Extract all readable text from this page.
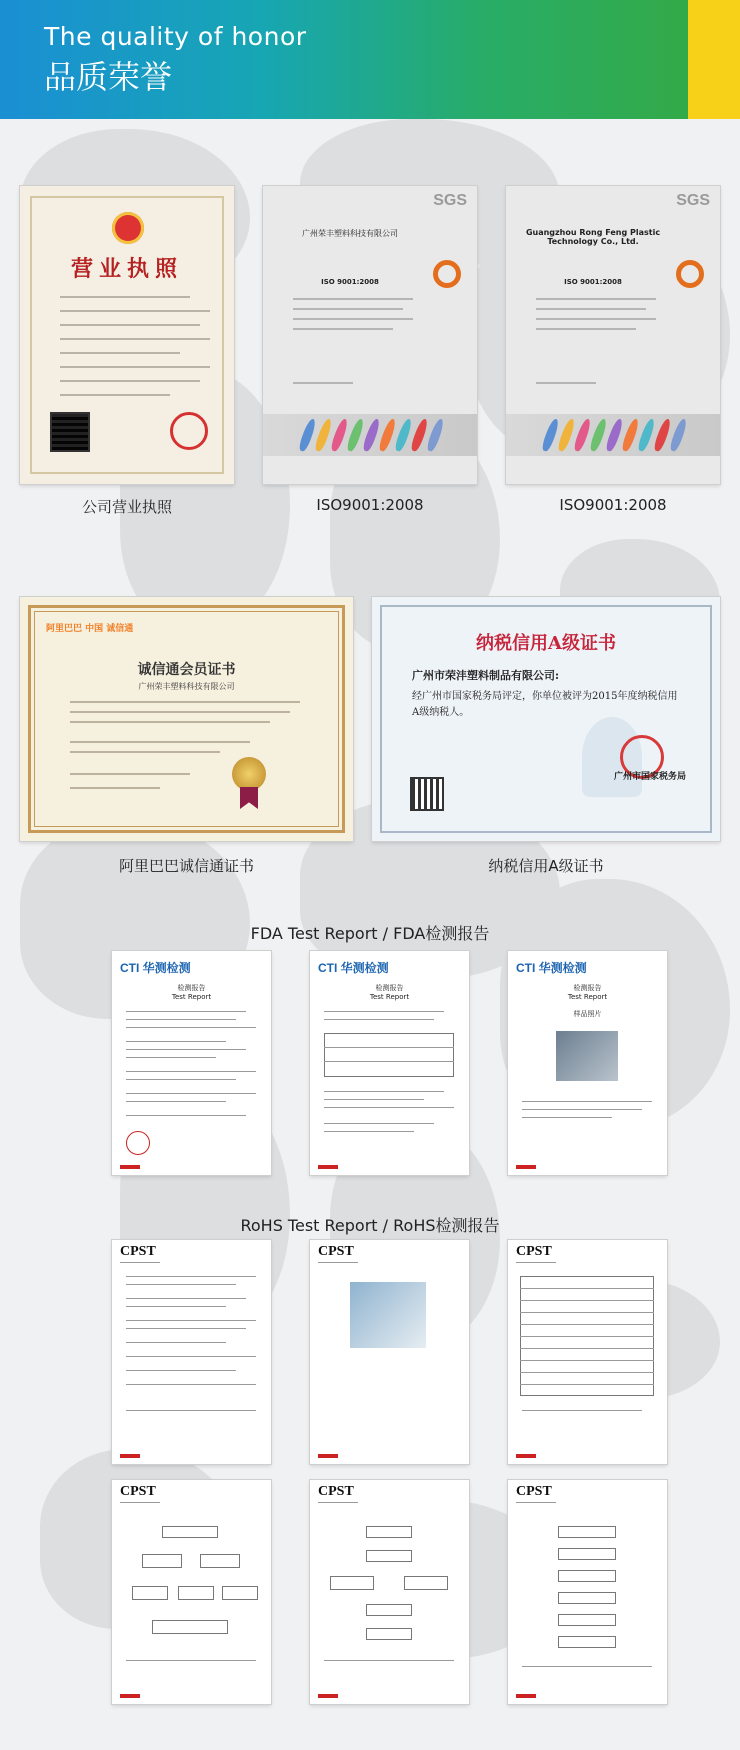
The quality of honor
品质荣誉
营业执照
公司营业执照
SGS
广州荣丰塑料科技有限公司
ISO 9001:2008
ISO9001:2008
SGS
Guangzhou Rong Feng Plastic Technology Co., Ltd.
ISO 9001:2008
ISO9001:2008
阿里巴巴 中国 诚信通
诚信通会员证书
广州荣丰塑料科技有限公司
阿里巴巴诚信通证书
纳税信用A级证书
广州市荣沣塑料制品有限公司:
经广州市国家税务局评定，你单位被评为2015年度纳税信用A级纳税人。
广州市国家税务局
纳税信用A级证书
FDA Test Report / FDA检测报告
CTI 华测检测
检测报告
Test Report
CTI 华测检测
检测报告
Test Report
CTI 华测检测
检测报告
Test Report
样品照片
RoHS Test Report / RoHS检测报告
CPST	CPST	CPST
CPST	CPST	CPST
